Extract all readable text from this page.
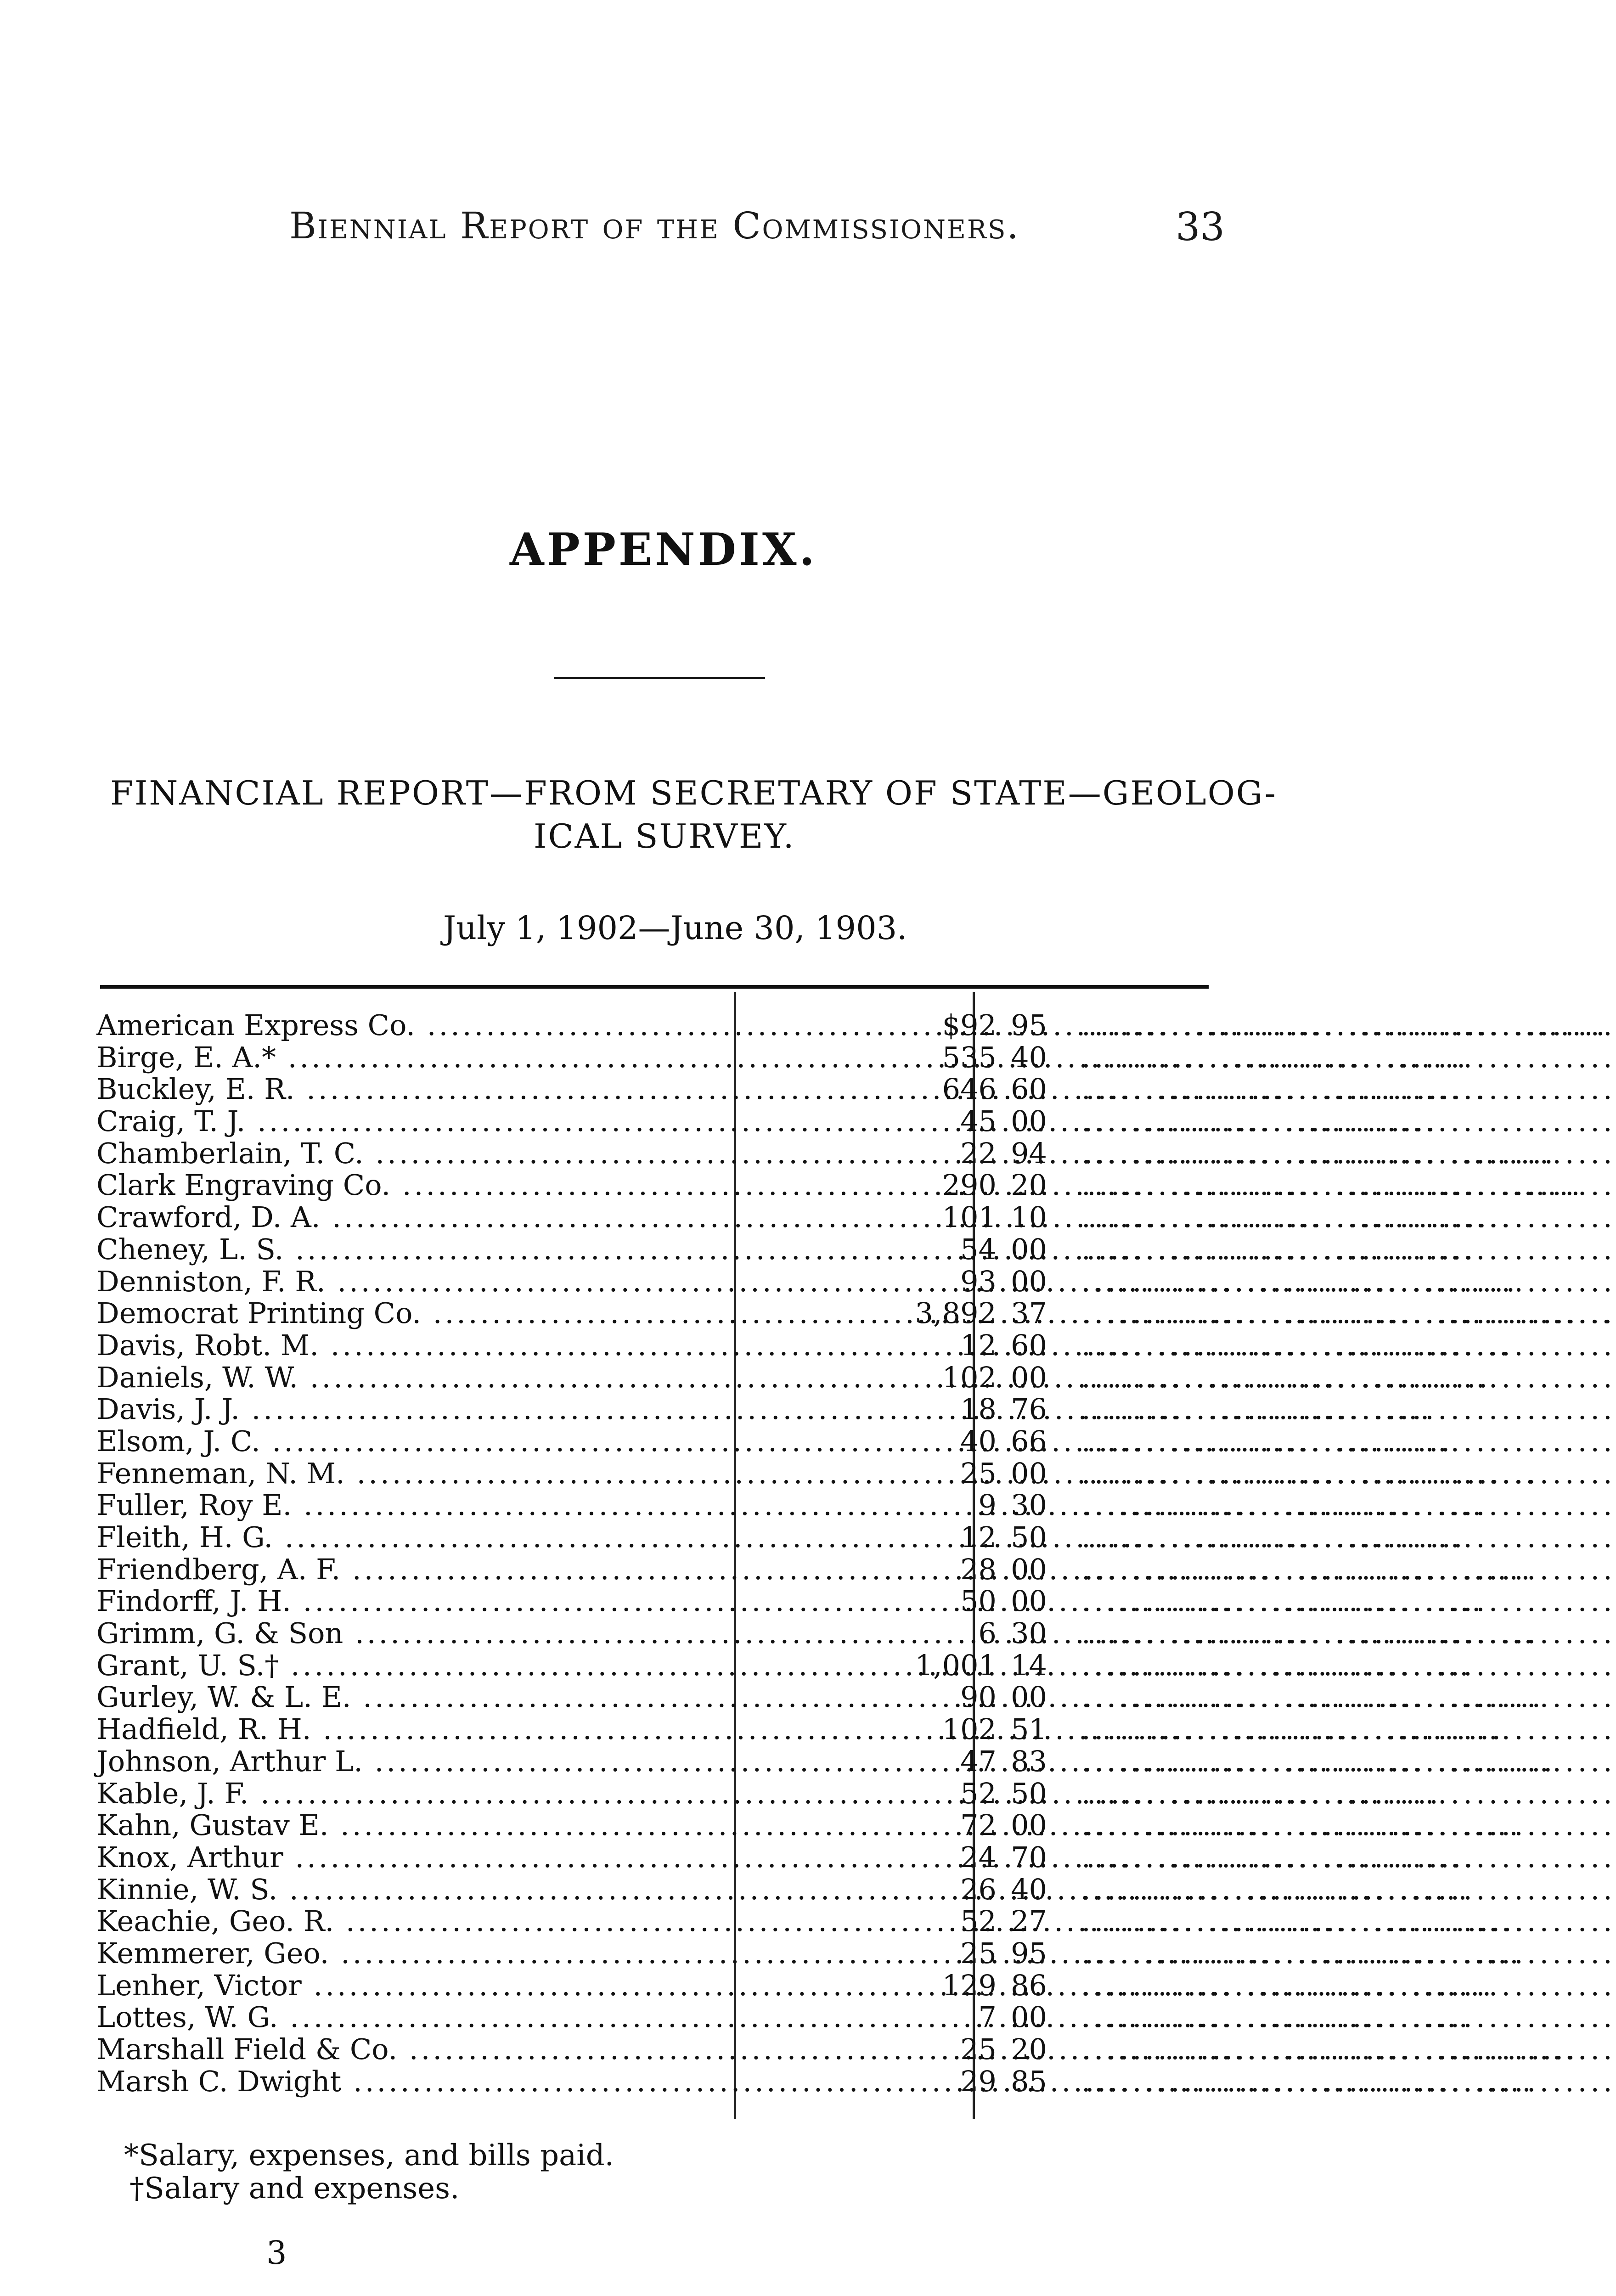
Biennial Report of the Commissioners.	33
APPENDIX.
FINANCIAL REPORT—FROM SECRETARY OF STATE—GEOLOG-
ICAL SURVEY.
July 1, 1902—June 30, 1903.
American Express Co. .....	$92 95 ..........................................
Birge, E. A.* .....	535 40 ..........................................
Buckley, E. R. .....	646 60 ..........................................
Craig, T. J. .....	45 00 ..........................................
Chamberlain, T. C. .....	22 94 ..........................................
Clark Engraving Co. .....	290 20 ..........................................
Crawford, D. A. .....	101 10 ..........................................
Cheney, L. S. .....	54 00 ..........................................
Denniston, F. R. .....	93 00 ..........................................
Democrat Printing Co. .....	3,892 37 ..........................................
Davis, Robt. M. .....	12 60 ..........................................
Daniels, W. W. .....	102 00 ..........................................
Davis, J. J. .....	18 76 ..........................................
Elsom, J. C. .....	40 66 ..........................................
Fenneman, N. M. .....	25 00 ..........................................
Fuller, Roy E. .....	9 30 ..........................................
Fleith, H. G. .....	12 50 ..........................................
Friendberg, A. F. .....	28 00 ..........................................
Findorff, J. H. .....	50 00 ..........................................
Grimm, G. & Son .....	6 30 ..........................................
Grant, U. S.† .....	1,001 14 ..........................................
Gurley, W. & L. E. .....	90 00 ..........................................
Hadfield, R. H. .....	102 51 ..........................................
Johnson, Arthur L. .....	47 83 ..........................................
Kable, J. F. .....	52 50 ..........................................
Kahn, Gustav E. .....	72 00 ..........................................
Knox, Arthur .....	24 70 ..........................................
Kinnie, W. S. .....	26 40 ..........................................
Keachie, Geo. R. .....	52 27 ..........................................
Kemmerer, Geo. .....	25 95 ..........................................
Lenher, Victor .....	129 86 ..........................................
Lottes, W. G. .....	7 00 ..........................................
Marshall Field & Co. .....	25 20 ..........................................
Marsh C. Dwight .....	29 85 ..........................................
*Salary, expenses, and bills paid.
†Salary and expenses.
3
